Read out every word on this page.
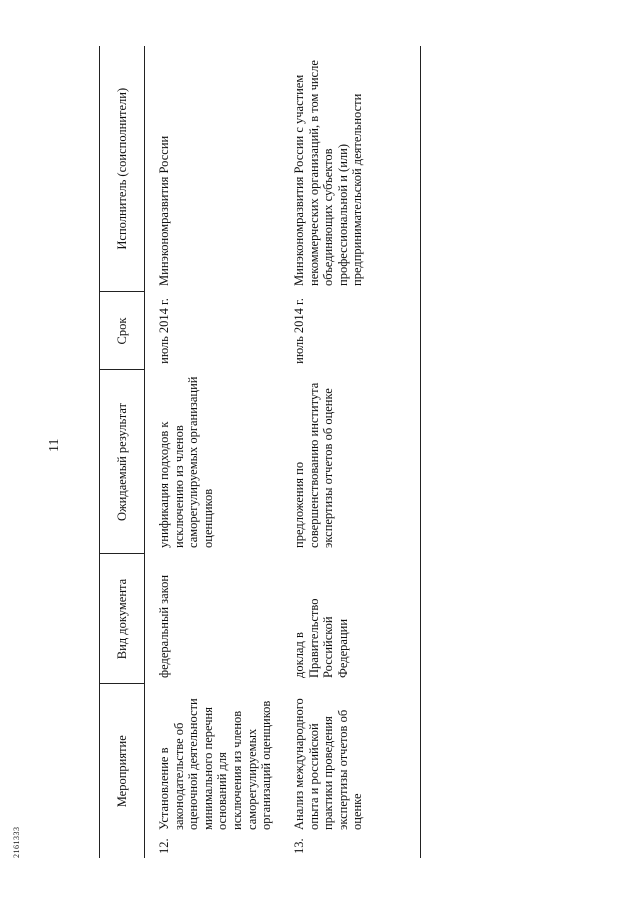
11
2161333
Мероприятие		Вид документа	Ожидаемый результат	Срок	Исполнитель (соисполнители)
12.	Установление в законодательстве об оценочной деятельности минимального перечня оснований для исключения из членов саморегулируемых организаций оценщиков	федеральный закон	унификация подходов к исключению из членов саморегулируемых организаций оценщиков	июль 2014 г.	Минэкономразвития России
13.	Анализ международного опыта и российской практики проведения экспертизы отчетов об оценке	доклад в Правительство Российской Федерации	предложения по совершенствованию института экспертизы отчетов об оценке	июль 2014 г.	Минэкономразвития России с участием некоммерческих организаций, в том числе объединяющих субъектов профессиональной и (или) предпринимательской деятельности
